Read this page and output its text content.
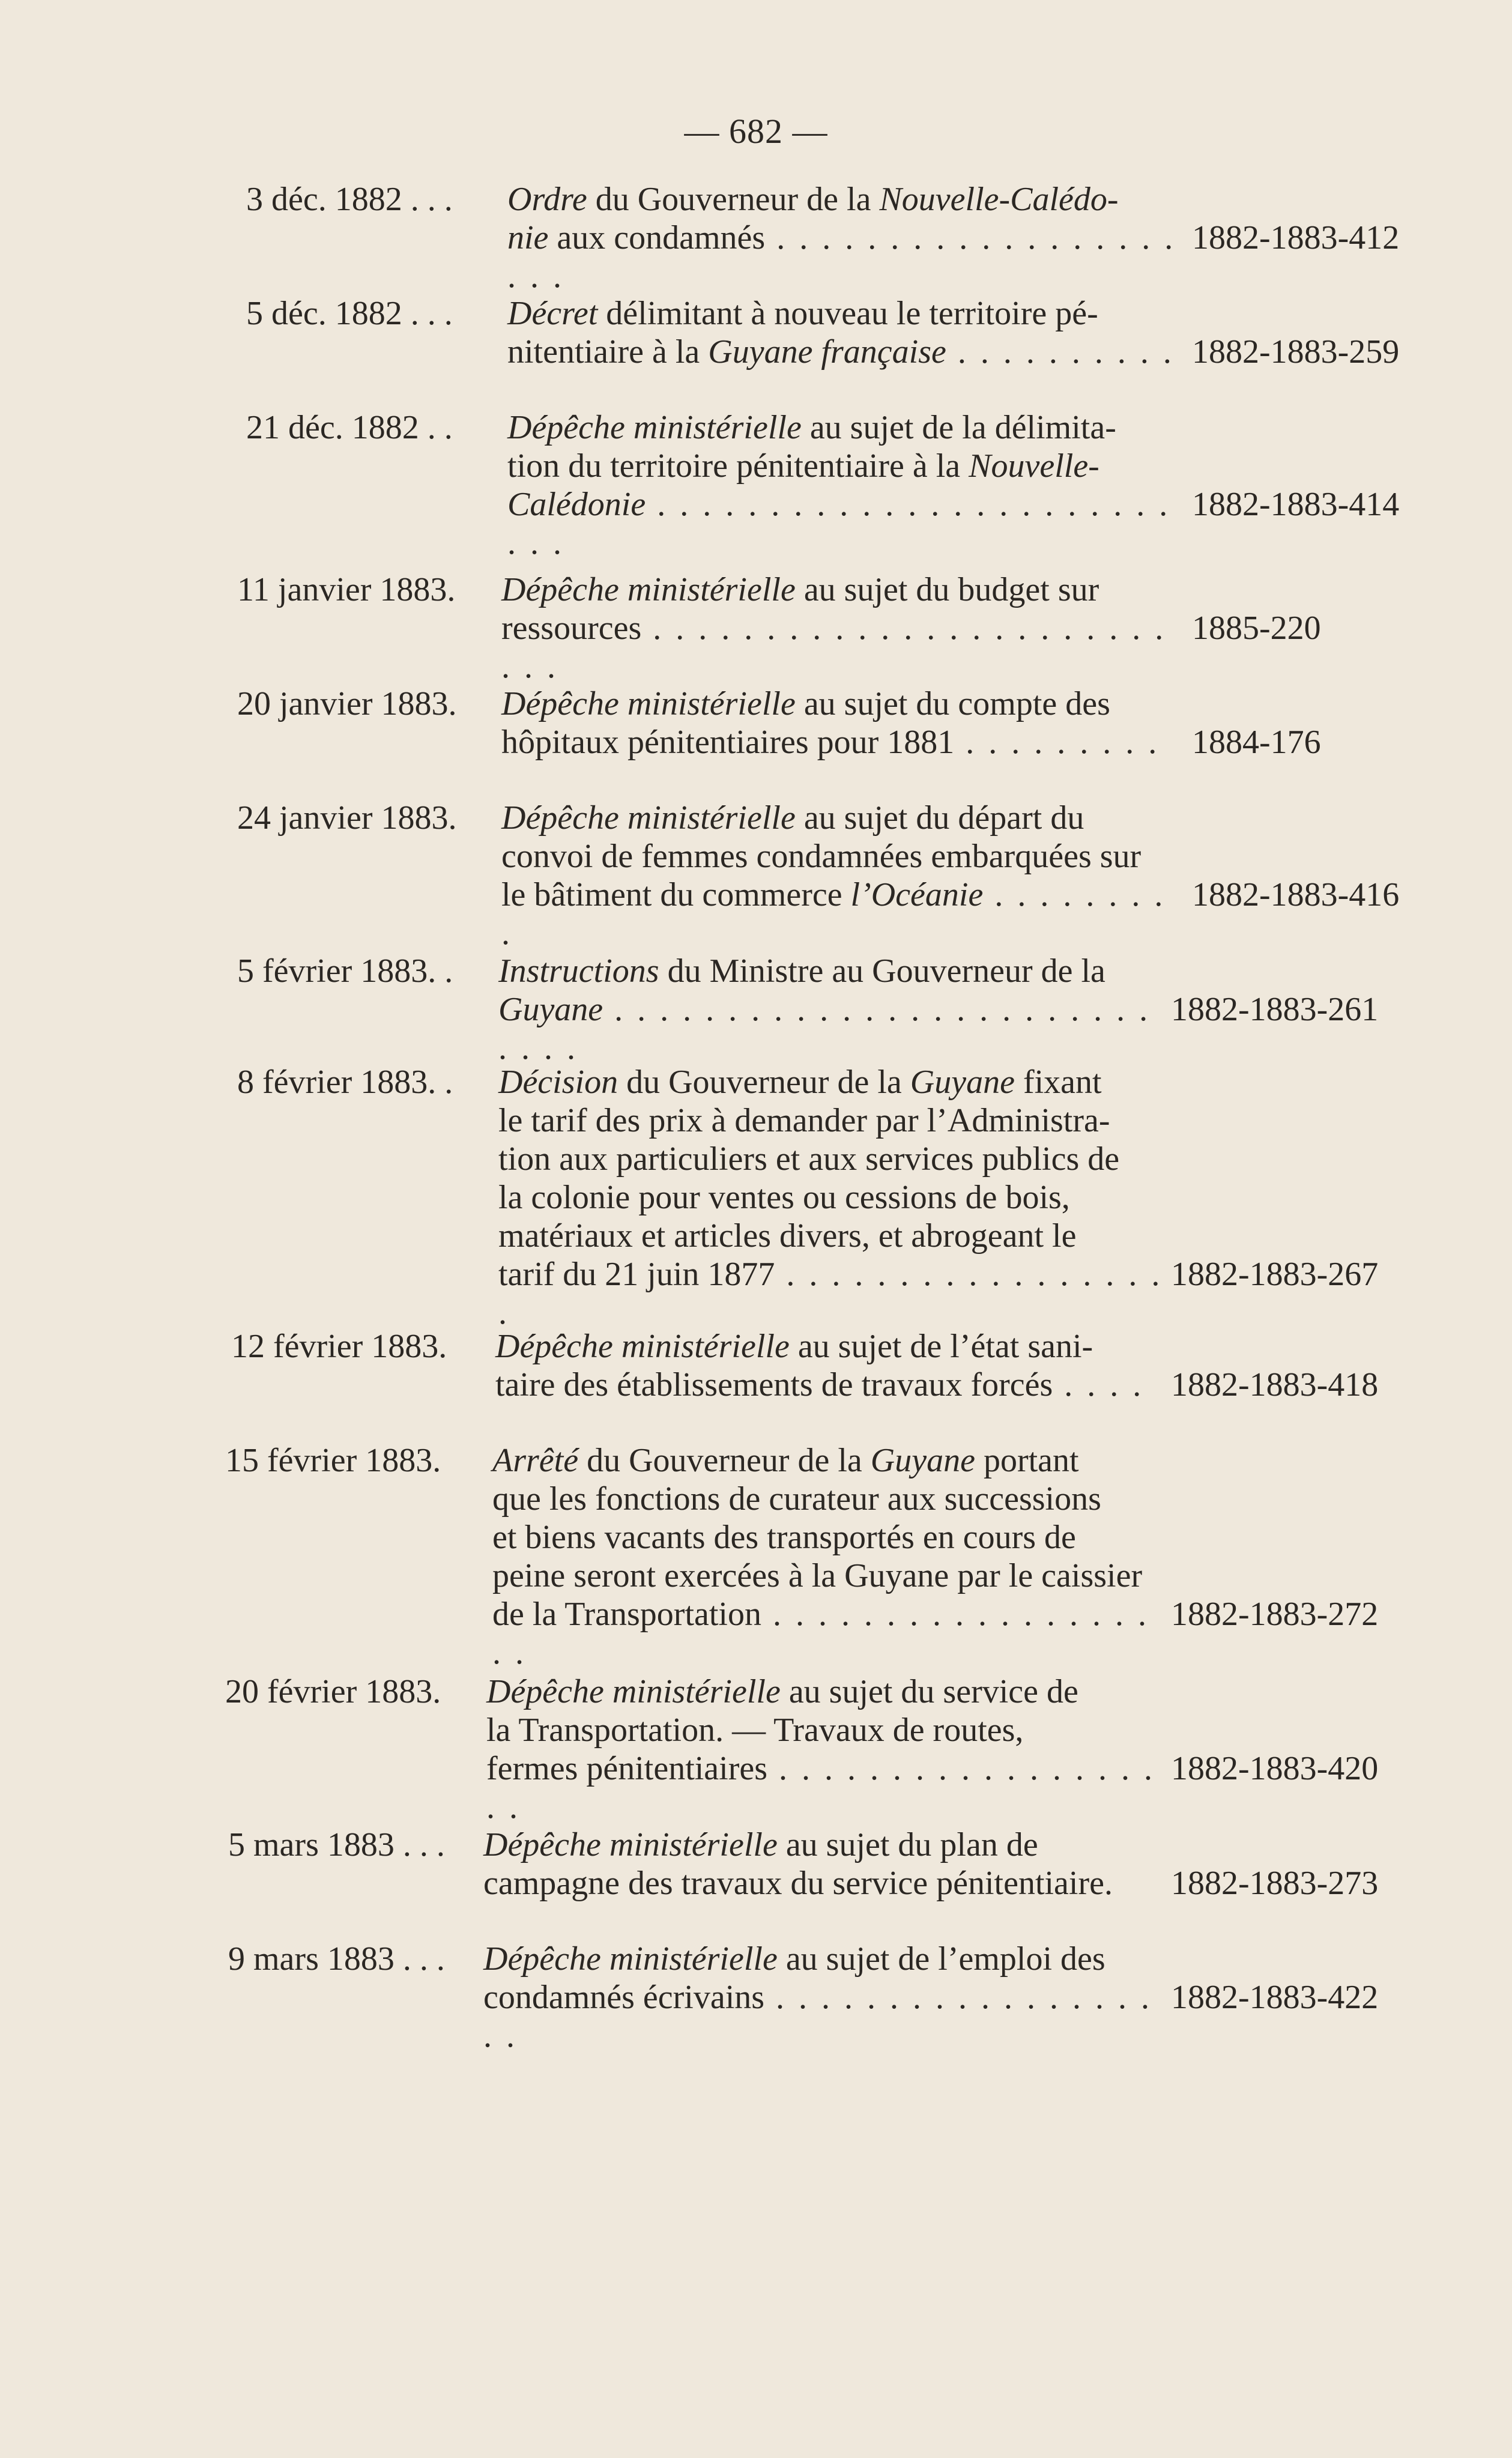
— 682 —
3 déc. 1882 . . . Ordre du Gouverneur de la Nouvelle-Calédo-
nie aux condamnés . . . . . . . . . . . . . . . . . . . . .
1882-1883-412
5 déc. 1882 . . . Décret délimitant à nouveau le territoire pé-
nitentiaire à la Guyane française . . . . . . . . . . 1882-1883-259
21 déc. 1882 . . Dépêche ministérielle au sujet de la délimita-
tion du territoire pénitentiaire à la Nouvelle-
Calédonie . . . . . . . . . . . . . . . . . . . . . . . . . .
1882-1883-414
11 janvier 1883. Dépêche ministérielle au sujet du budget sur
ressources . . . . . . . . . . . . . . . . . . . . . . . . . .
1885-220
20 janvier 1883. Dépêche ministérielle au sujet du compte des
hôpitaux pénitentiaires pour 1881 . . . . . . . . . 1884-176
24 janvier 1883. Dépêche ministérielle au sujet du départ du
convoi de femmes condamnées embarquées sur
le bâtiment du commerce l’Océanie . . . . . . . . .
1882-1883-416
5 février 1883. . Instructions du Ministre au Gouverneur de la
Guyane . . . . . . . . . . . . . . . . . . . . . . . . . . . .
1882-1883-261
8 février 1883. . Décision du Gouverneur de la Guyane fixant
le tarif des prix à demander par l’Administra-
tion aux particuliers et aux services publics de
la colonie pour ventes ou cessions de bois,
matériaux et articles divers, et abrogeant le
tarif du 21 juin 1877 . . . . . . . . . . . . . . . . . .
1882-1883-267
12 février 1883. Dépêche ministérielle au sujet de l’état sani-
taire des établissements de travaux forcés . . . . 1882-1883-418
15 février 1883. Arrêté du Gouverneur de la Guyane portant
que les fonctions de curateur aux successions
et biens vacants des transportés en cours de
peine seront exercées à la Guyane par le caissier
de la Transportation . . . . . . . . . . . . . . . . . . .
1882-1883-272
20 février 1883. Dépêche ministérielle au sujet du service de
la Transportation. — Travaux de routes,
fermes pénitentiaires . . . . . . . . . . . . . . . . . . .
1882-1883-420
5 mars 1883 . . . Dépêche ministérielle au sujet du plan de
campagne des travaux du service pénitentiaire.	1882-1883-273
9 mars 1883 . . . Dépêche ministérielle au sujet de l’emploi des
condamnés écrivains . . . . . . . . . . . . . . . . . . .
1882-1883-422
